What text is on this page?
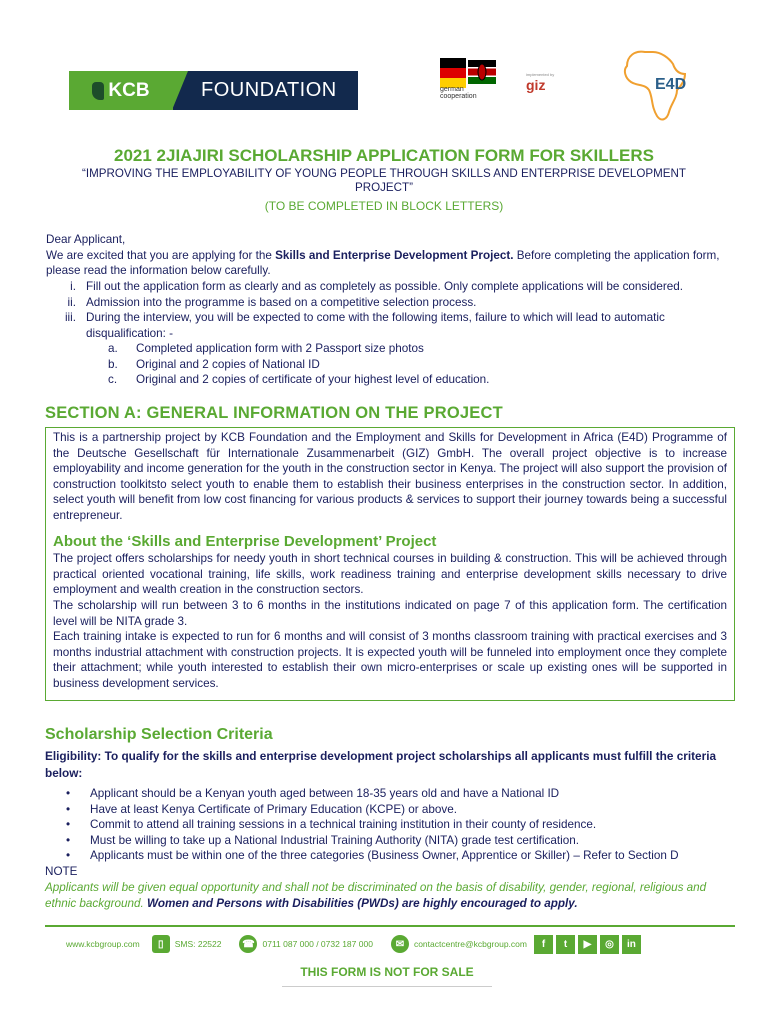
KCB	FOUNDATION	german
cooperation
implemented by
giz	E4D
2021 2JIAJIRI SCHOLARSHIP APPLICATION FORM FOR SKILLERS
“IMPROVING THE EMPLOYABILITY OF YOUNG PEOPLE THROUGH SKILLS AND ENTERPRISE DEVELOPMENT PROJECT”
(TO BE COMPLETED IN BLOCK LETTERS)
Dear Applicant,
We are excited that you are applying for the Skills and Enterprise Development Project. Before completing the application form, please read the information below carefully.
i. Fill out the application form as clearly and as completely as possible. Only complete applications will be considered.
ii. Admission into the programme is based on a competitive selection process.
iii. During the interview, you will be expected to come with the following items, failure to which will lead to automatic disqualification: -
a.	Completed application form with 2 Passport size photos
b.	Original and 2 copies of National ID
c.	Original and 2 copies of certificate of your highest level of education.
SECTION A: GENERAL INFORMATION ON THE PROJECT

This is a partnership project by KCB Foundation and the Employment and Skills for Development in Africa (E4D) Programme of the Deutsche Gesellschaft für Internationale Zusammenarbeit (GIZ) GmbH. The overall project objective is to increase employability and income generation for the youth in the construction sector in Kenya. The project will also support the provision of construction toolkitsto select youth to enable them to establish their business enterprises in the construction sector. In addition, select youth will benefit from low cost financing for various products & services to support their journey towards being a successful entrepreneur.

About the ‘Skills and Enterprise Development’ Project

The project offers scholarships for needy youth in short technical courses in building & construction. This will be achieved through practical oriented vocational training, life skills, work readiness training and enterprise development skills necessary to drive employment and wealth creation in the construction sectors.

The scholarship will run between 3 to 6 months in the institutions indicated on page 7 of this application form. The certification level will be NITA grade 3.

Each training intake is expected to run for 6 months and will consist of 3 months classroom training with practical exercises and 3 months industrial attachment with construction projects. It is expected youth will be funneled into employment once they complete their attachment; while youth interested to establish their own micro-enterprises or scale up existing ones will be supported in business development services.

Scholarship Selection Criteria
Eligibility: To qualify for the skills and enterprise development project scholarships all applicants must fulfill the criteria below:
•	Applicant should be a Kenyan youth aged between 18-35 years old and have a National ID
•	Have at least Kenya Certificate of Primary Education (KCPE) or above.
•	Commit to attend all training sessions in a technical training institution in their county of residence.
•	Must be willing to take up a National Industrial Training Authority (NITA) grade test certification.
•	Applicants must be within one of the three categories (Business Owner, Apprentice or Skiller) – Refer to Section D
NOTE
Applicants will be given equal opportunity and shall not be discriminated on the basis of disability, gender, regional, religious and ethnic background. Women and Persons with Disabilities (PWDs) are highly encouraged to apply.
www.kcbgroup.com	▯	SMS: 22522 ☎ 0711 087 000 / 0732 187 000	✉	contactcentre@kcbgroup.com	f	t	▶	◎	in
THIS FORM IS NOT FOR SALE
